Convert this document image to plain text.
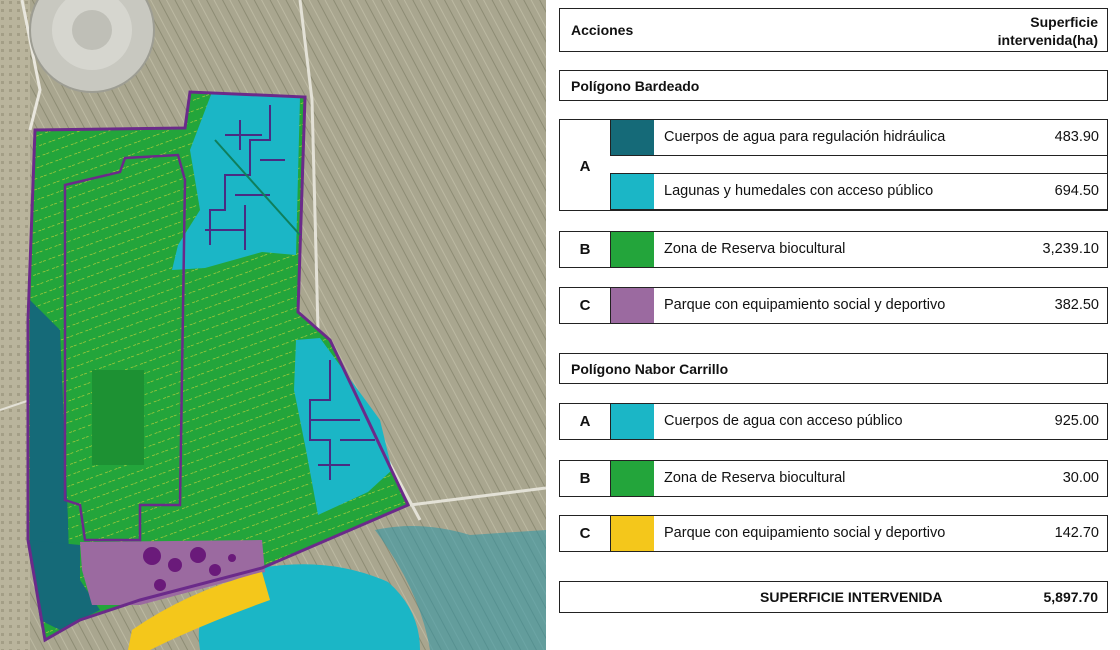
Acciones	Superficie
intervenida(ha)
Polígono Bardeado
A
Cuerpos de agua para regulación hidráulica	483.90
Lagunas y humedales con acceso público	694.50
B	Zona de Reserva biocultural	3,239.10
C	Parque con equipamiento social y deportivo	382.50
Polígono Nabor Carrillo
A	Cuerpos de agua con acceso público	925.00
B	Zona de Reserva biocultural	30.00
C	Parque con equipamiento social y deportivo	142.70
SUPERFICIE INTERVENIDA	5,897.70
